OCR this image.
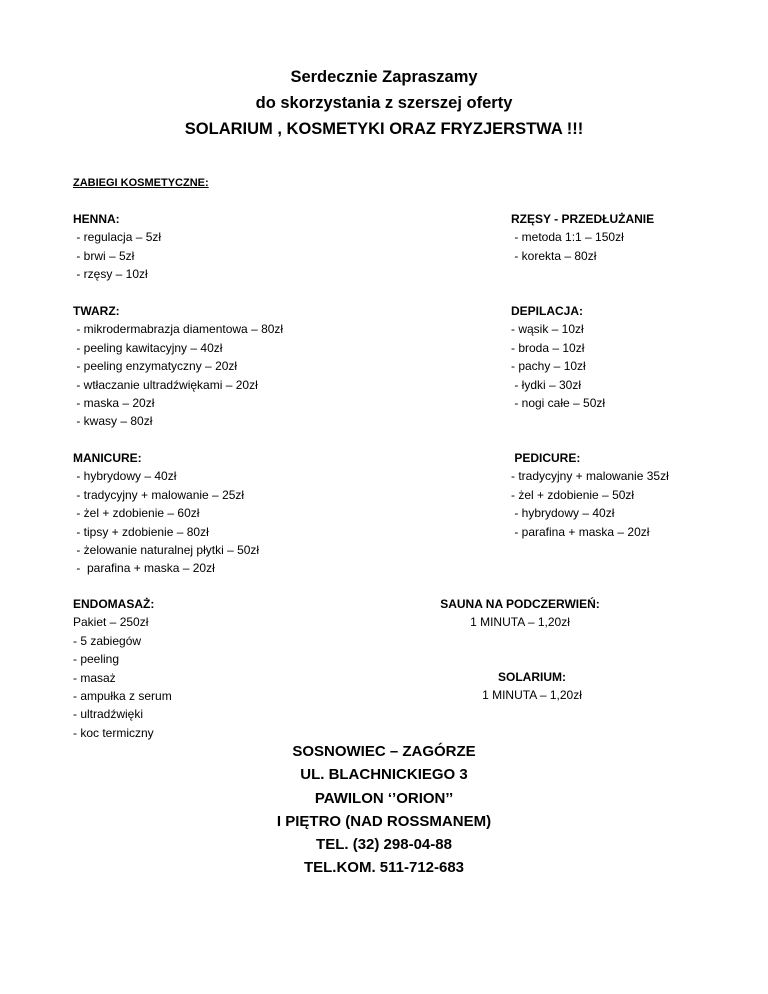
Serdecznie Zapraszamy
do skorzystania z szerszej oferty
SOLARIUM , KOSMETYKI ORAZ FRYZJERSTWA !!!
ZABIEGI KOSMETYCZNE:
HENNA:
- regulacja – 5zł
- brwi – 5zł
- rzęsy – 10zł
RZĘSY - PRZEDŁUŻANIE
- metoda 1:1 – 150zł
- korekta – 80zł
TWARZ:
- mikrodermabrazja diamentowa – 80zł
- peeling kawitacyjny – 40zł
- peeling enzymatyczny – 20zł
- wtłaczanie ultradźwiękami – 20zł
- maska – 20zł
- kwasy – 80zł
DEPILACJA:
- wąsik – 10zł
- broda – 10zł
- pachy – 10zł
- łydki – 30zł
- nogi całe – 50zł
MANICURE:
- hybrydowy – 40zł
- tradycyjny + malowanie – 25zł
- żel + zdobienie – 60zł
- tipsy + zdobienie – 80zł
- żelowanie naturalnej płytki – 50zł
-  parafina + maska – 20zł
PEDICURE:
- tradycyjny + malowanie 35zł
- żel + zdobienie – 50zł
- hybrydowy – 40zł
- parafina + maska – 20zł
ENDOMASAŻ:
Pakiet – 250zł
- 5 zabiegów
- peeling
- masaż
- ampułka z serum
- ultradźwięki
- koc termiczny
SAUNA NA PODCZERWIEŃ:
1 MINUTA – 1,20zł
SOLARIUM:
1 MINUTA – 1,20zł
SOSNOWIEC – ZAGÓRZE
UL. BLACHNICKIEGO 3
PAWILON ‘’ORION’’
I PIĘTRO (NAD ROSSMANEM)
TEL. (32) 298-04-88
TEL.KOM. 511-712-683
